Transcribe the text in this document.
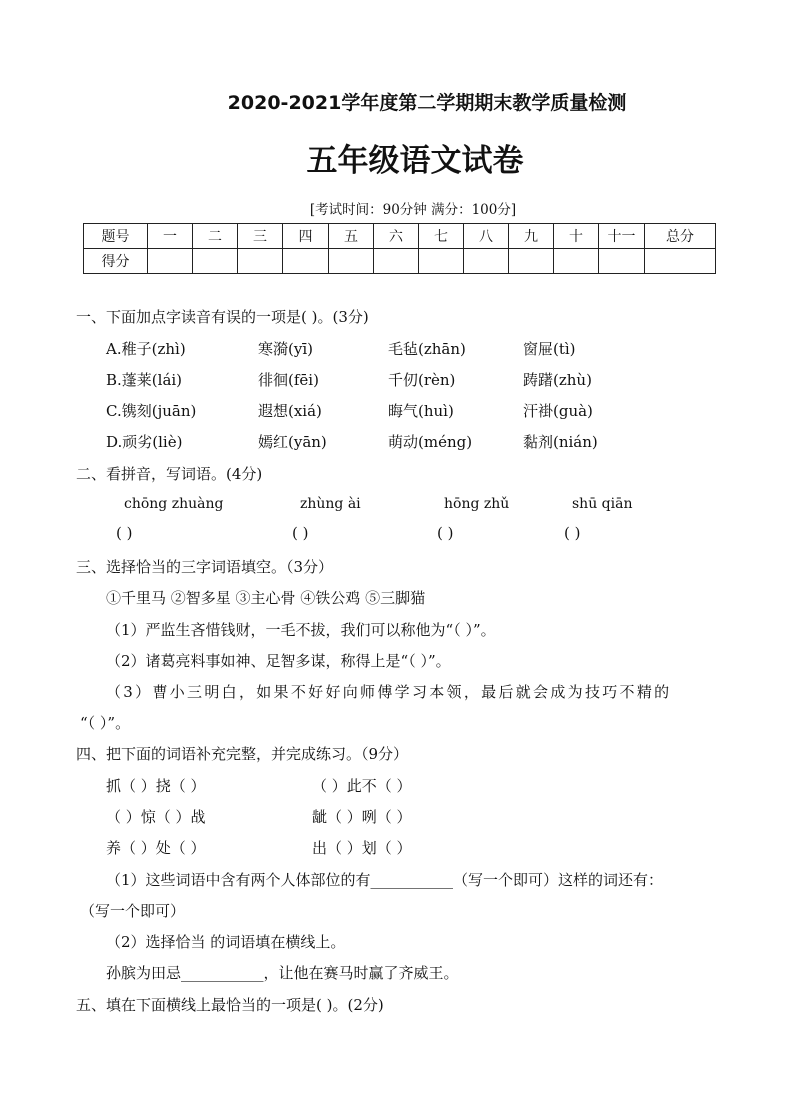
2020-2021学年度第二学期期末教学质量检测
五年级语文试卷
[考试时间：90分钟 满分：100分]
题号	一	二	三	四	五	六	七	八	九	十	十一	总分
得分												
一、下面加点字读音有误的一项是( )。(3分)
A.稚子(zhì)	寒漪(yī)	毛毡(zhān)	窗屉(tì)
B.蓬莱(lái)	徘徊(fēi)	千仞(rèn)	踌躇(zhù)
C.镌刻(juān)	遐想(xiá)	晦气(huì)	汗褂(guà)
D.顽劣(liè)	嫣红(yān)	萌动(méng)	黏剂(nián)
二、看拼音，写词语。(4分)
chōng zhuàng	zhùng ài	hōng zhǔ	shū qiān
( )	( )	( )	( )
三、选择恰当的三字词语填空。（3分）
①千里马 ②智多星 ③主心骨 ④铁公鸡 ⑤三脚猫
（1）严监生吝惜钱财，一毛不拔，我们可以称他为“（ ）”。
（2）诸葛亮料事如神、足智多谋，称得上是“（ ）”。
（3）曹小三明白，如果不好好向师傅学习本领，最后就会成为技巧不精的
“（ ）”。
四、把下面的词语补充完整，并完成练习。（9分）
抓（ ）挠（ ）	（ ）此不（ ）
（ ）惊（ ）战	龇（ ）咧（ ）
养（ ）处（ ）	出（ ）划（ ）
（1）这些词语中含有两个人体部位的有___________（写一个即可）这样的词还有：
（写一个即可）
（2）选择恰当 的词语填在横线上。
孙膑为田忌___________，让他在赛马时赢了齐威王。
五、填在下面横线上最恰当的一项是( )。(2分)
